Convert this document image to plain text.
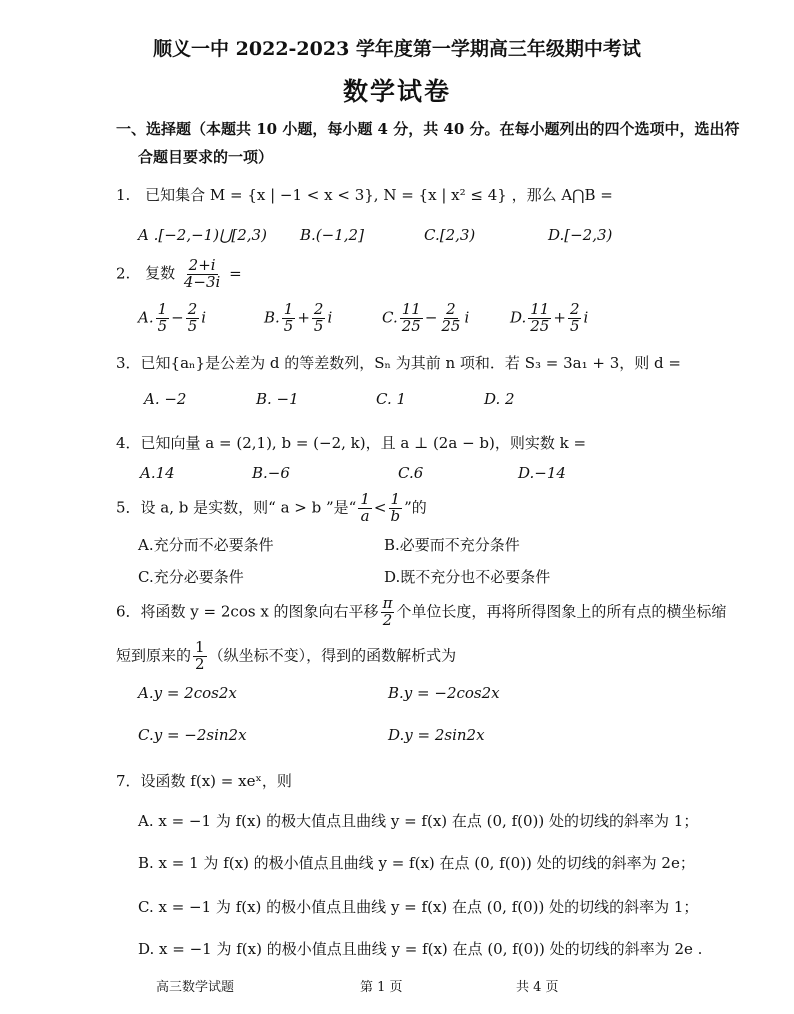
顺义一中 2022-2023 学年度第一学期高三年级期中考试
数学试卷
一、选择题（本题共 10 小题，每小题 4 分，共 40 分。在每小题列出的四个选项中，选出符
合题目要求的一项）
1. 已知集合 M = {x | −1 < x < 3}, N = {x | x² ≤ 4} ，那么 A⋂B =
A .[−2,−1)⋃[2,3) B.(−1,2]	C.[2,3)	D.[−2,3)
2. 复数 $\frac{2+i}{4-3i}$ =
A. $\frac{1}{5} - \frac{2}{5}$ i	B. $\frac{1}{5} + \frac{2}{5}$ i	C. $\frac{11}{25} - \frac{2}{25}$ i	D. $\frac{11}{25} + \frac{2}{5}$ i
3．已知{aₙ}是公差为 d 的等差数列，Sₙ 为其前 n 项和．若 S₃ = 3a₁ + 3，则 d =
A. −2	B. −1	C. 1	D. 2
4．已知向量 a = (2,1), b = (−2, k)，且 a ⊥ (2a − b)，则实数 k =
A.14	B.−6	C.6	D.−14
5．设 a, b 是实数，则“ a > b ”是“ $\frac{1}{a} < \frac{1}{b}$ ”的
A.充分而不必要条件	B.必要而不充分条件
C.充分必要条件	D.既不充分也不必要条件
6．将函数 y = 2cos x 的图象向右平移 $\frac{\pi}{2}$ 个单位长度，再将所得图象上的所有点的横坐标缩
短到原来的 $\frac{1}{2}$ （纵坐标不变），得到的函数解析式为
A.y = 2cos2x	B.y = −2cos2x
C.y = −2sin2x	D.y = 2sin2x
7．设函数 f(x) = xeˣ，则
A. x = −1 为 f(x) 的极大值点且曲线 y = f(x) 在点 (0, f(0)) 处的切线的斜率为 1；
B. x = 1 为 f(x) 的极小值点且曲线 y = f(x) 在点 (0, f(0)) 处的切线的斜率为 2e；
C. x = −1 为 f(x) 的极小值点且曲线 y = f(x) 在点 (0, f(0)) 处的切线的斜率为 1；
D. x = −1 为 f(x) 的极小值点且曲线 y = f(x) 在点 (0, f(0)) 处的切线的斜率为 2e .
高三数学试题	第 1 页	共 4 页
